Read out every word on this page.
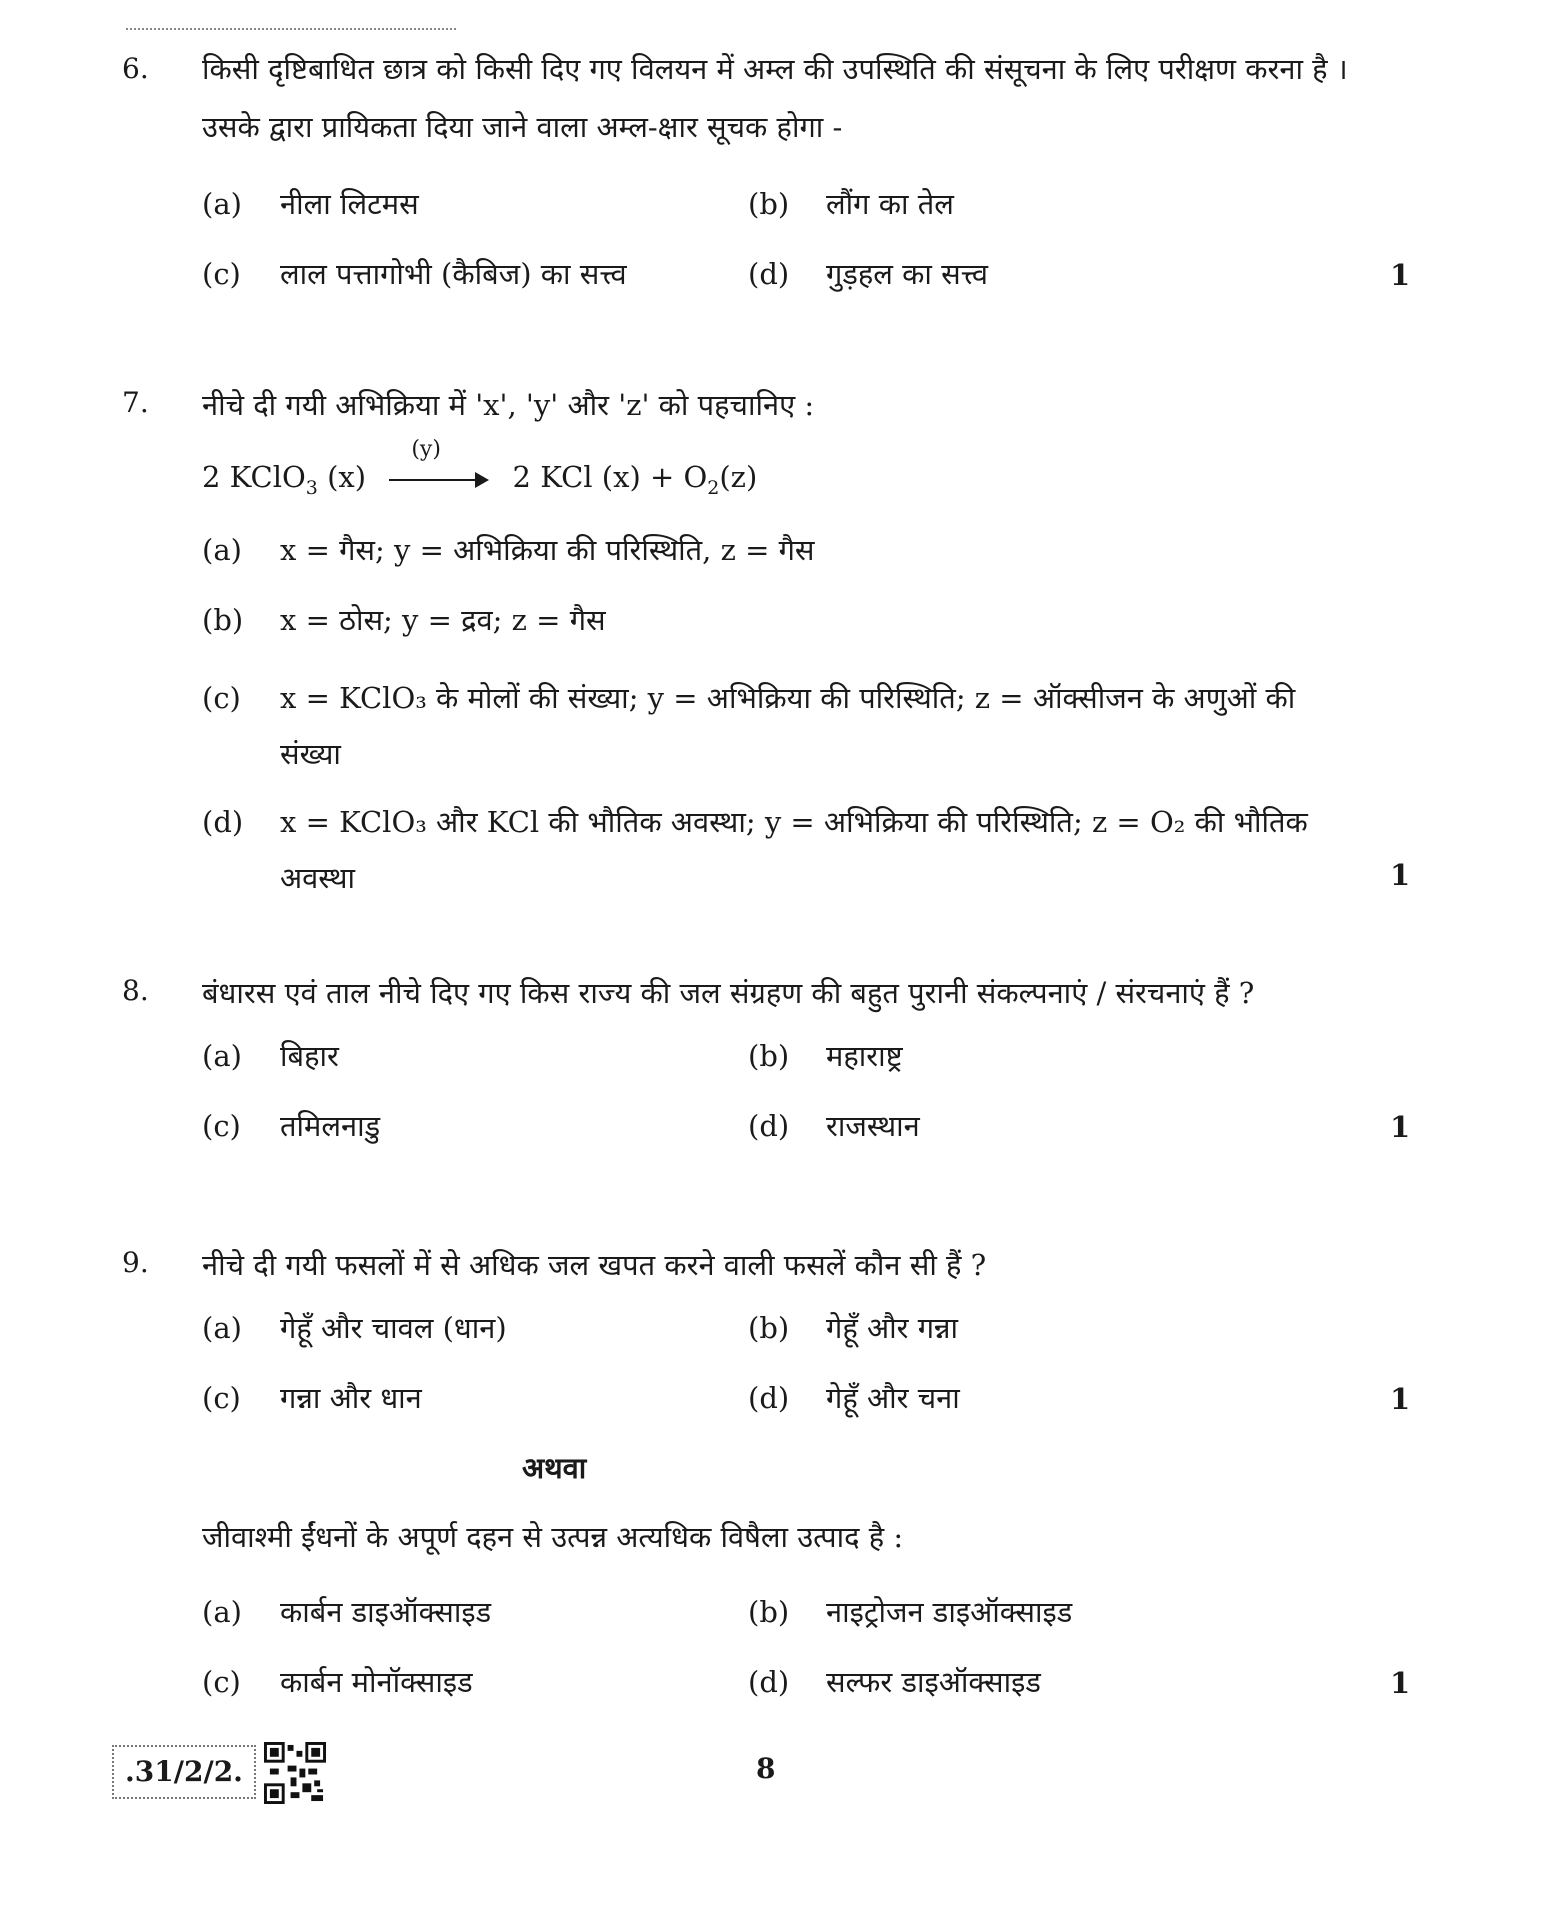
6. किसी दृष्टिबाधित छात्र को किसी दिए गए विलयन में अम्ल की उपस्थिति की संसूचना के लिए परीक्षण करना है । उसके द्वारा प्रायिकता दिया जाने वाला अम्ल-क्षार सूचक होगा -
(a) नीला लिटमस	(b) लौंग का तेल
(c) लाल पत्तागोभी (कैबिज) का सत्त्व	(d) गुड़हल का सत्त्व	1
7. नीचे दी गयी अभिक्रिया में 'x', 'y' और 'z' को पहचानिए :
2 KClO$_3$ (x)
(y)
2 KCl $(x) + O_2(z)$
(a) x = गैस; y = अभिक्रिया की परिस्थिति, z = गैस
(b) x = ठोस; y = द्रव; z = गैस
(c) x = KClO₃ के मोलों की संख्या; y = अभिक्रिया की परिस्थिति; z = ऑक्सीजन के अणुओं की संख्या
(d) x = KClO₃ और KCl की भौतिक अवस्था; y = अभिक्रिया की परिस्थिति; z = O₂ की भौतिक अवस्था	1
8. बंधारस एवं ताल नीचे दिए गए किस राज्य की जल संग्रहण की बहुत पुरानी संकल्पनाएं / संरचनाएं हैं ?
(a) बिहार	(b) महाराष्ट्र
(c) तमिलनाडु	(d) राजस्थान	1
9. नीचे दी गयी फसलों में से अधिक जल खपत करने वाली फसलें कौन सी हैं ?
(a) गेहूँ और चावल (धान)	(b) गेहूँ और गन्ना
(c) गन्ना और धान	(d) गेहूँ और चना	1
अथवा
जीवाश्मी ईंधनों के अपूर्ण दहन से उत्पन्न अत्यधिक विषैला उत्पाद है :
(a) कार्बन डाइऑक्साइड	(b) नाइट्रोजन डाइऑक्साइड
(c) कार्बन मोनॉक्साइड	(d) सल्फर डाइऑक्साइड	1
.31/2/2.	8
